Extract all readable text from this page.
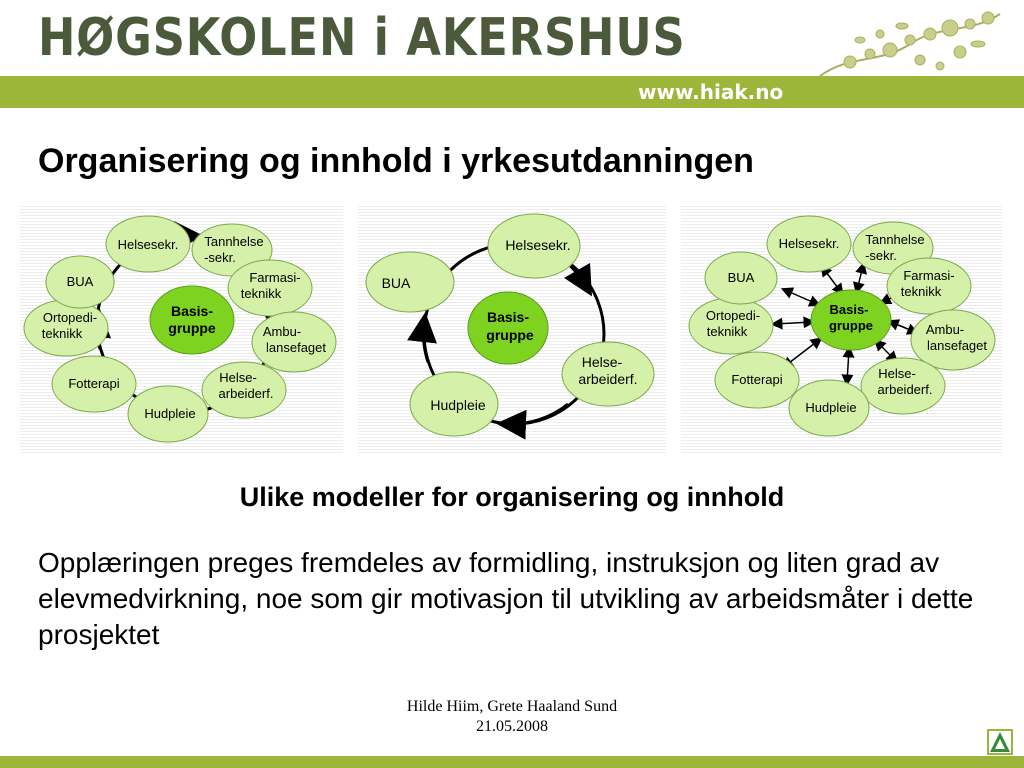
HØGSKOLEN i AKERSHUS
www.hiak.no
Organisering og innhold i yrkesutdanningen
Basis-
gruppe
Helsesekr. Tannhelse
-sekr.
Farmasi-
teknikk
Ambu-
lansefaget
Helse-
arbeiderf.
Hudpleie
Fotterapi
Ortopedi-
teknikk
BUA
Basis-
gruppe
Helsesekr.
Helse-
arbeiderf.
Hudpleie
BUA
Basis-
gruppe
Helsesekr. Tannhelse
-sekr.
Farmasi-
teknikk
Ambu-
lansefaget
Helse-
arbeiderf.
Hudpleie
Fotterapi
Ortopedi-
teknikk
BUA
Ulike modeller for organisering og innhold
Opplæringen preges fremdeles av formidling, instruksjon og liten grad av elevmedvirkning, noe som gir motivasjon til utvikling av arbeidsmåter i dette prosjektet
Hilde Hiim, Grete Haaland Sund
21.05.2008
